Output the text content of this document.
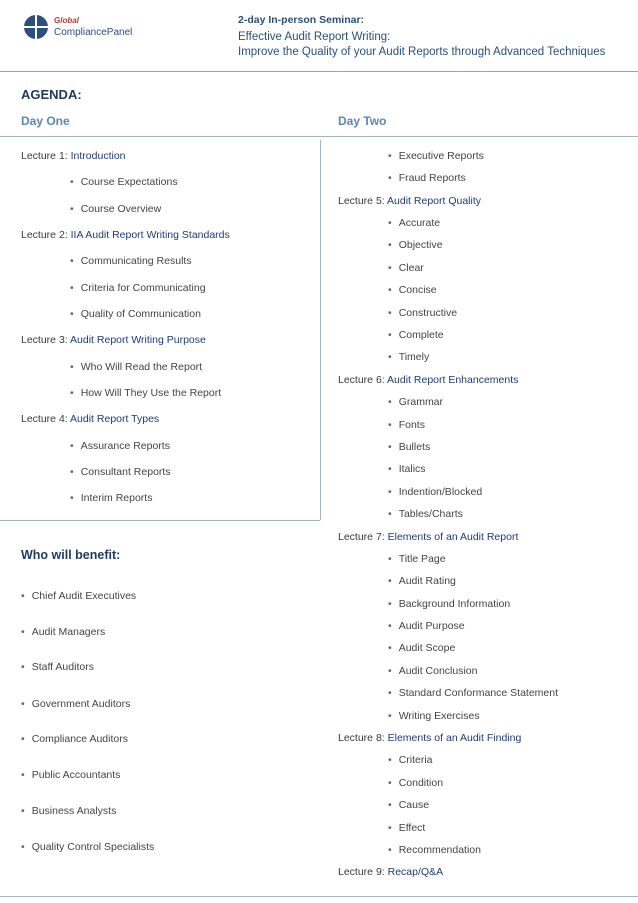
Global
CompliancePanel
2-day In-person Seminar:
Effective Audit Report Writing:
Improve the Quality of your Audit Reports through Advanced Techniques
AGENDA:
Day One	Day Two
Lecture 1: Introduction
• Course Expectations
• Course Overview
Lecture 2: IIA Audit Report Writing Standards
• Communicating Results
• Criteria for Communicating
• Quality of Communication
Lecture 3: Audit Report Writing Purpose
• Who Will Read the Report
• How Will They Use the Report
Lecture 4: Audit Report Types
• Assurance Reports
• Consultant Reports
• Interim Reports
Who will benefit:
• Chief Audit Executives
• Audit Managers
• Staff Auditors
• Government Auditors
• Compliance Auditors
• Public Accountants
• Business Analysts
• Quality Control Specialists
• Executive Reports
• Fraud Reports
Lecture 5: Audit Report Quality
• Accurate
• Objective
• Clear
• Concise
• Constructive
• Complete
• Timely
Lecture 6: Audit Report Enhancements
• Grammar
• Fonts
• Bullets
• Italics
• Indention/Blocked
• Tables/Charts
Lecture 7: Elements of an Audit Report
• Title Page
• Audit Rating
• Background Information
• Audit Purpose
• Audit Scope
• Audit Conclusion
• Standard Conformance Statement
• Writing Exercises
Lecture 8: Elements of an Audit Finding
• Criteria
• Condition
• Cause
• Effect
• Recommendation
Lecture 9: Recap/Q&A
